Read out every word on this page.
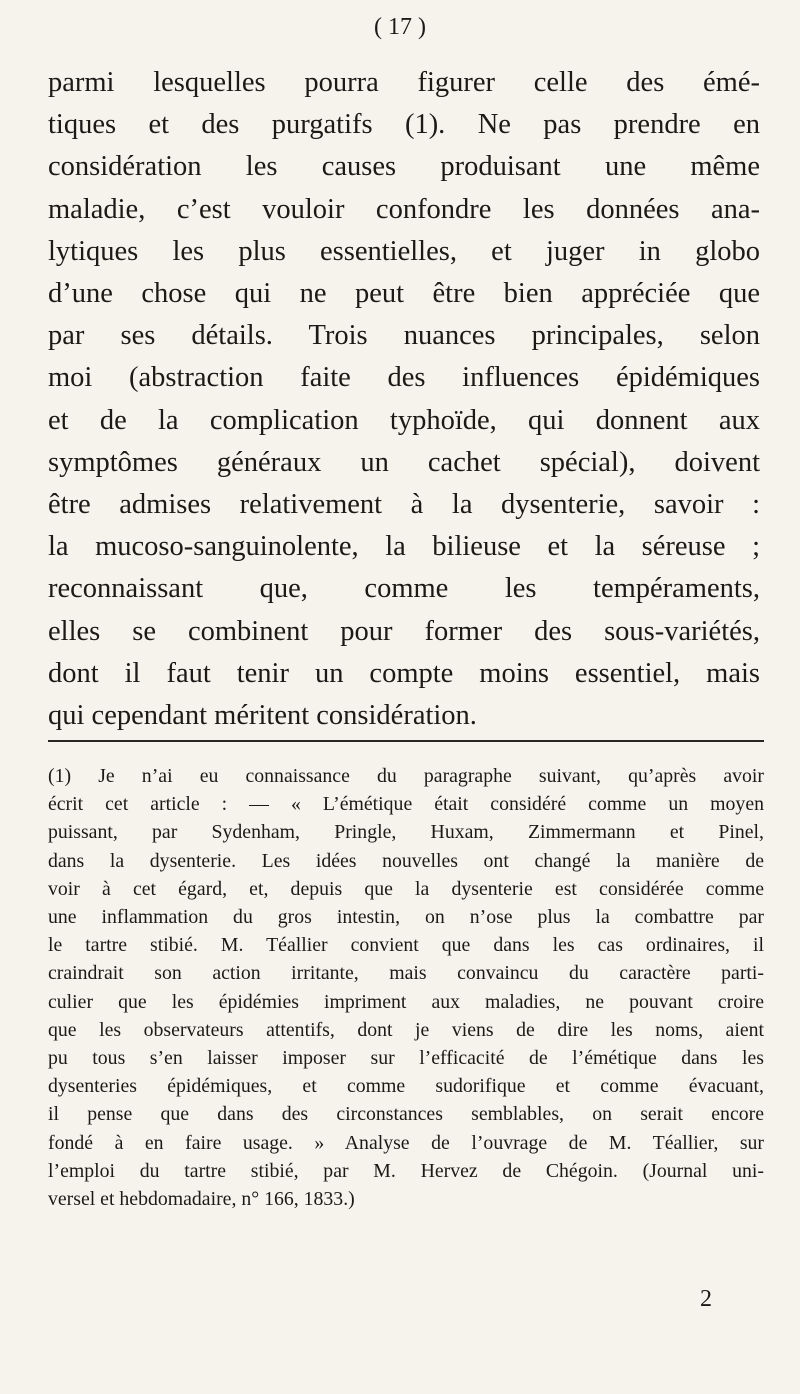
( 17 )
parmi lesquelles pourra figurer celle des émé-
tiques et des purgatifs (1). Ne pas prendre en
considération les causes produisant une même
maladie, c’est vouloir confondre les données ana-
lytiques les plus essentielles, et juger in globo
d’une chose qui ne peut être bien appréciée que
par ses détails. Trois nuances principales, selon
moi (abstraction faite des influences épidémiques
et de la complication typhoïde, qui donnent aux
symptômes généraux un cachet spécial), doivent
être admises relativement à la dysenterie, savoir :
la mucoso-sanguinolente, la bilieuse et la séreuse ;
reconnaissant que, comme les tempéraments,
elles se combinent pour former des sous-variétés,
dont il faut tenir un compte moins essentiel, mais
qui cependant méritent considération.
(1) Je n’ai eu connaissance du paragraphe suivant, qu’après avoir
écrit cet article : — « L’émétique était considéré comme un moyen
puissant, par Sydenham, Pringle, Huxam, Zimmermann et Pinel,
dans la dysenterie. Les idées nouvelles ont changé la manière de
voir à cet égard, et, depuis que la dysenterie est considérée comme
une inflammation du gros intestin, on n’ose plus la combattre par
le tartre stibié. M. Téallier convient que dans les cas ordinaires, il
craindrait son action irritante, mais convaincu du caractère parti-
culier que les épidémies impriment aux maladies, ne pouvant croire
que les observateurs attentifs, dont je viens de dire les noms, aient
pu tous s’en laisser imposer sur l’efficacité de l’émétique dans les
dysenteries épidémiques, et comme sudorifique et comme évacuant,
il pense que dans des circonstances semblables, on serait encore
fondé à en faire usage. » Analyse de l’ouvrage de M. Téallier, sur
l’emploi du tartre stibié, par M. Hervez de Chégoin. (Journal uni-
versel et hebdomadaire, n° 166, 1833.)
2
